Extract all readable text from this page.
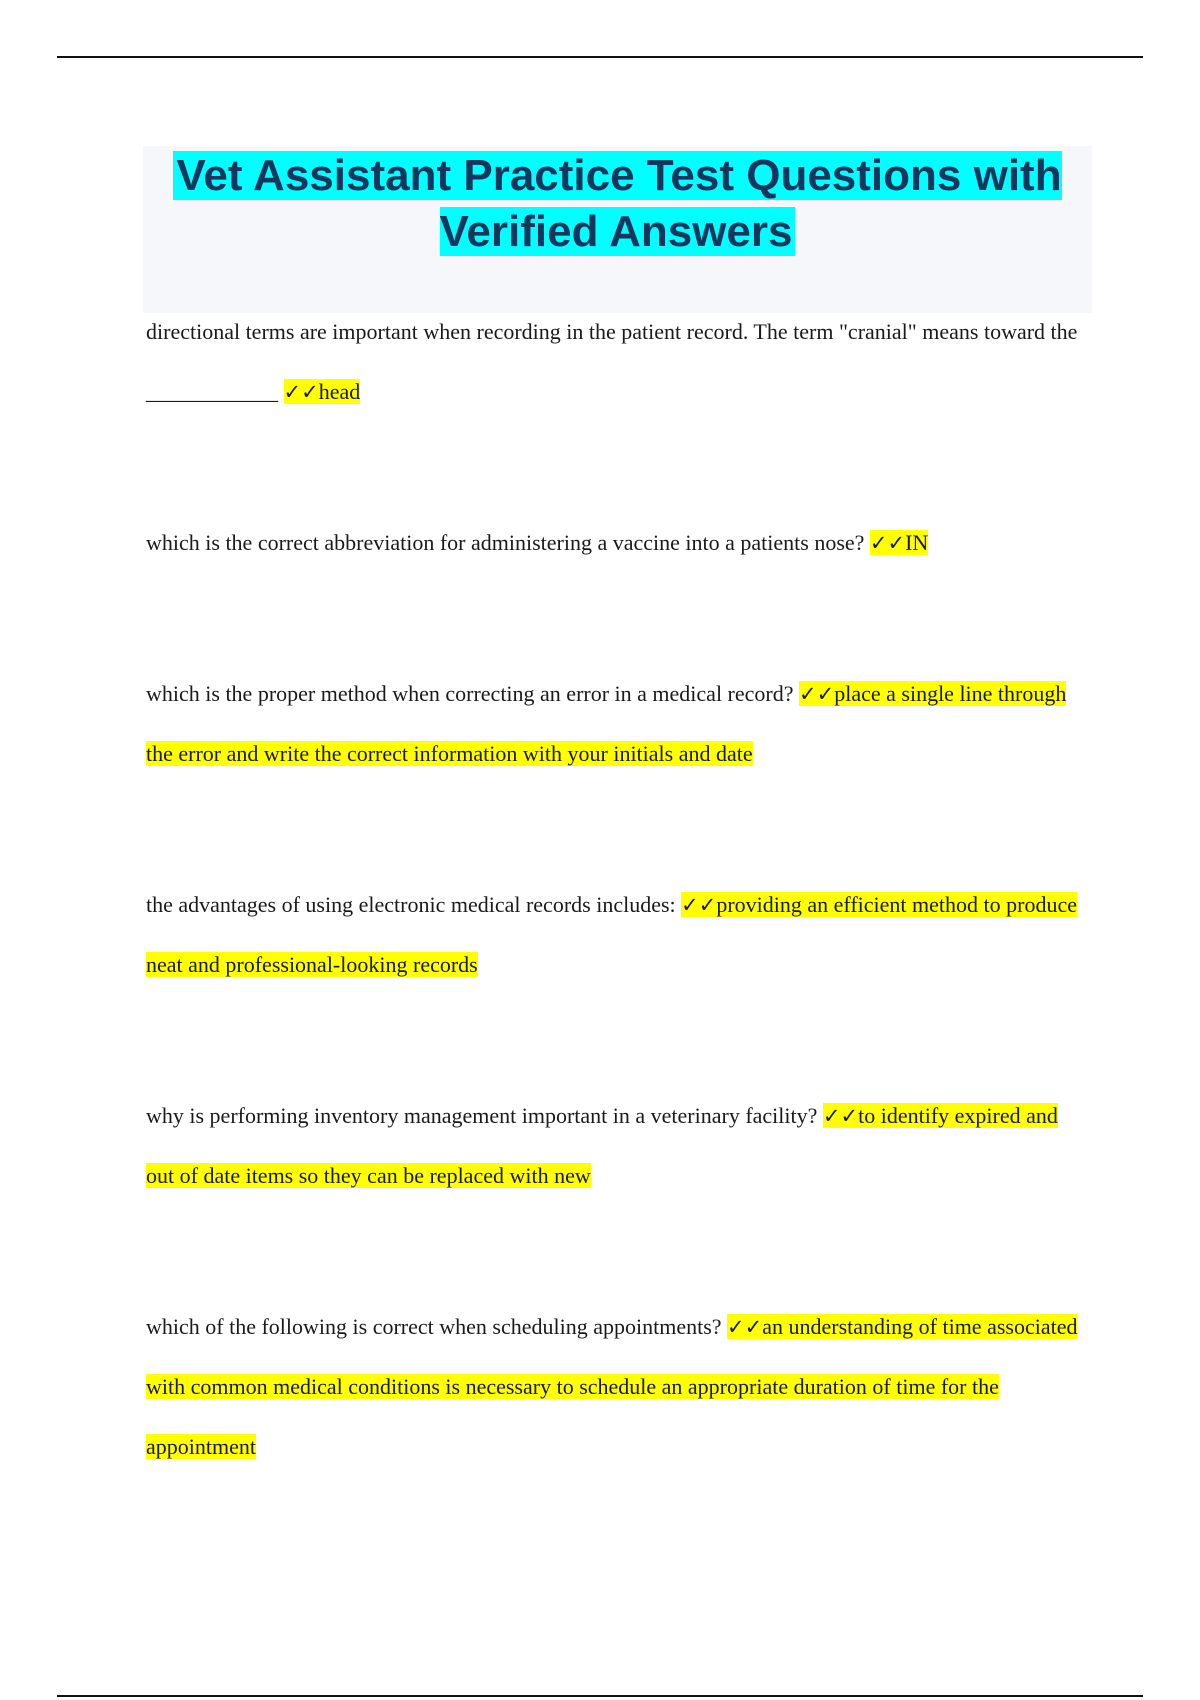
Vet Assistant Practice Test Questions with Verified Answers

directional terms are important when recording in the patient record. The term "cranial" means toward the ____________ ✓✓head

which is the correct abbreviation for administering a vaccine into a patients nose? ✓✓IN

which is the proper method when correcting an error in a medical record? ✓✓place a single line through the error and write the correct information with your initials and date

the advantages of using electronic medical records includes: ✓✓providing an efficient method to produce neat and professional-looking records

why is performing inventory management important in a veterinary facility? ✓✓to identify expired and out of date items so they can be replaced with new

which of the following is correct when scheduling appointments? ✓✓an understanding of time associated with common medical conditions is necessary to schedule an appropriate duration of time for the appointment
